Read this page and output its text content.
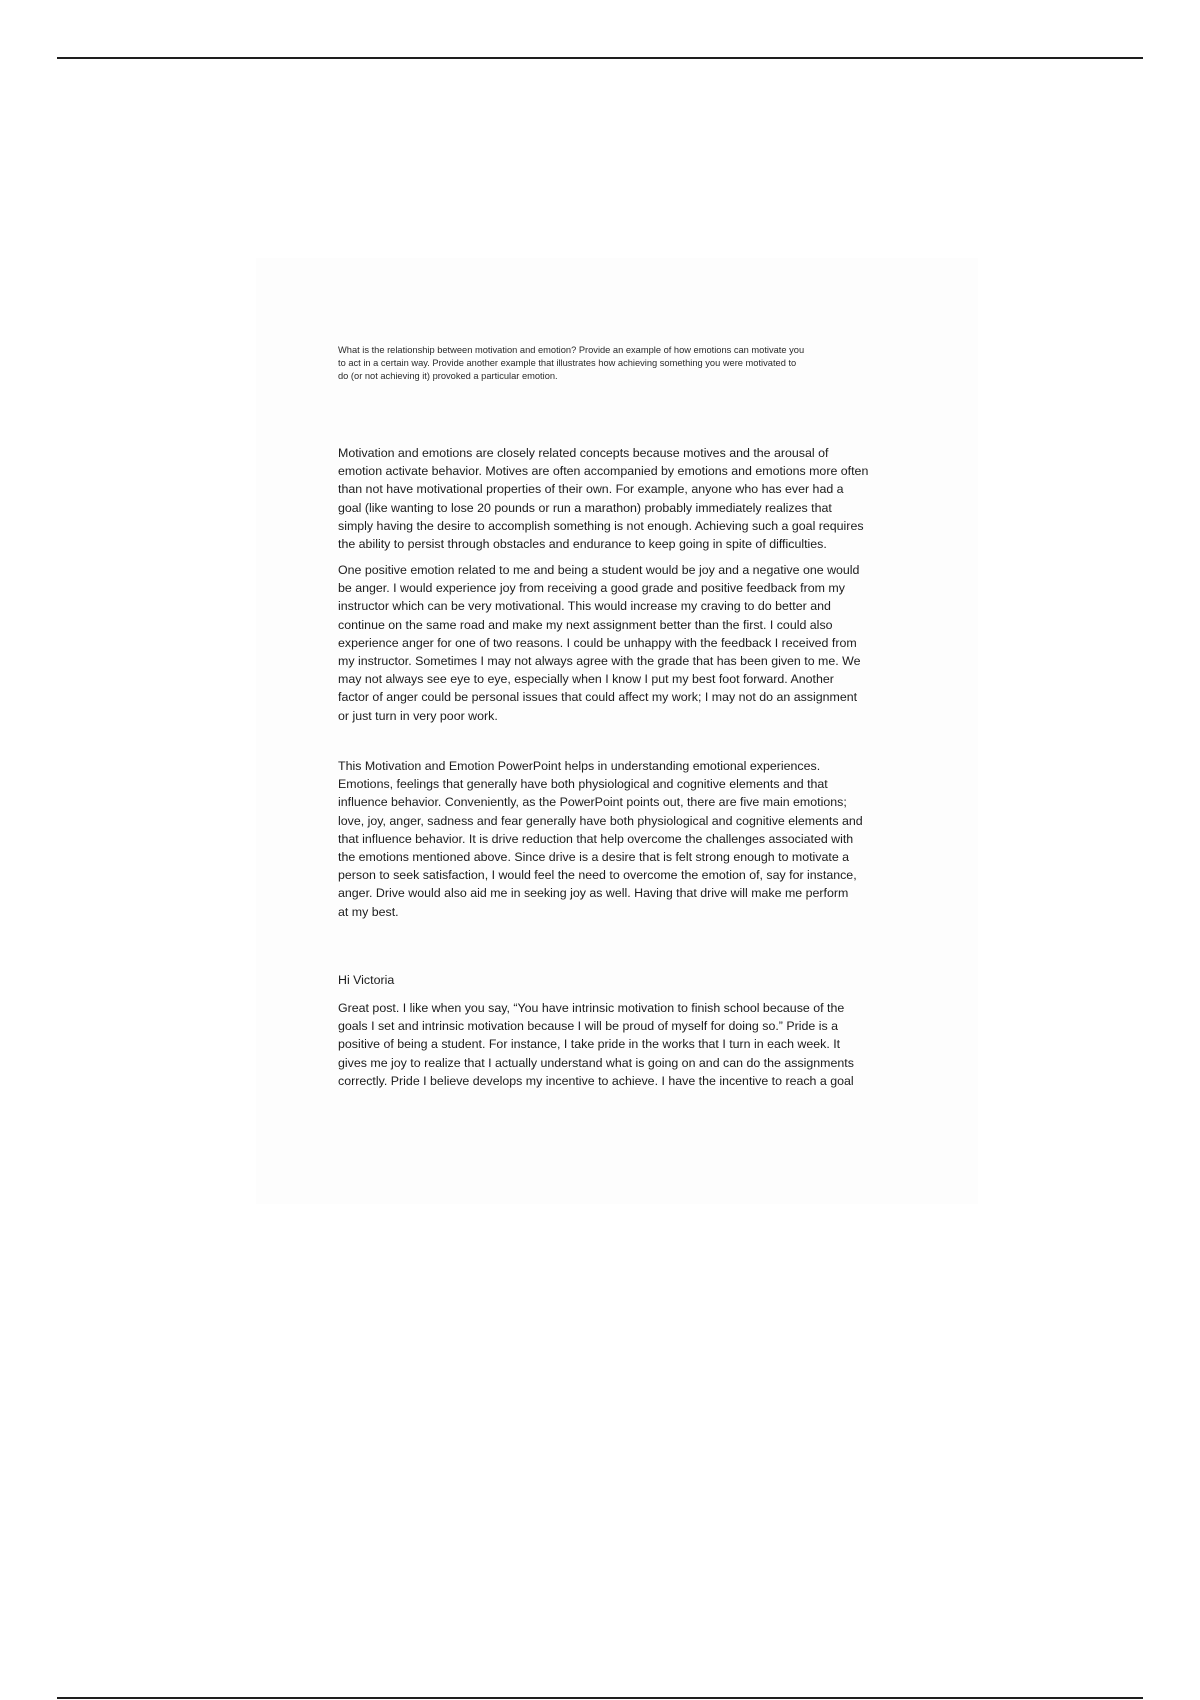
What is the relationship between motivation and emotion? Provide an example of how emotions can motivate you
to act in a certain way. Provide another example that illustrates how achieving something you were motivated to
do (or not achieving it) provoked a particular emotion.

Motivation and emotions are closely related concepts because motives and the arousal of
emotion activate behavior. Motives are often accompanied by emotions and emotions more often
than not have motivational properties of their own. For example, anyone who has ever had a
goal (like wanting to lose 20 pounds or run a marathon) probably immediately realizes that
simply having the desire to accomplish something is not enough. Achieving such a goal requires
the ability to persist through obstacles and endurance to keep going in spite of difficulties.

One positive emotion related to me and being a student would be joy and a negative one would
be anger. I would experience joy from receiving a good grade and positive feedback from my
instructor which can be very motivational. This would increase my craving to do better and
continue on the same road and make my next assignment better than the first. I could also
experience anger for one of two reasons. I could be unhappy with the feedback I received from
my instructor. Sometimes I may not always agree with the grade that has been given to me. We
may not always see eye to eye, especially when I know I put my best foot forward. Another
factor of anger could be personal issues that could affect my work; I may not do an assignment
or just turn in very poor work.

This Motivation and Emotion PowerPoint helps in understanding emotional experiences.
Emotions, feelings that generally have both physiological and cognitive elements and that
influence behavior. Conveniently, as the PowerPoint points out, there are five main emotions;
love, joy, anger, sadness and fear generally have both physiological and cognitive elements and
that influence behavior. It is drive reduction that help overcome the challenges associated with
the emotions mentioned above. Since drive is a desire that is felt strong enough to motivate a
person to seek satisfaction, I would feel the need to overcome the emotion of, say for instance,
anger. Drive would also aid me in seeking joy as well. Having that drive will make me perform
at my best.

Hi Victoria

Great post. I like when you say, “You have intrinsic motivation to finish school because of the
goals I set and intrinsic motivation because I will be proud of myself for doing so.” Pride is a
positive of being a student. For instance, I take pride in the works that I turn in each week. It
gives me joy to realize that I actually understand what is going on and can do the assignments
correctly. Pride I believe develops my incentive to achieve. I have the incentive to reach a goal
